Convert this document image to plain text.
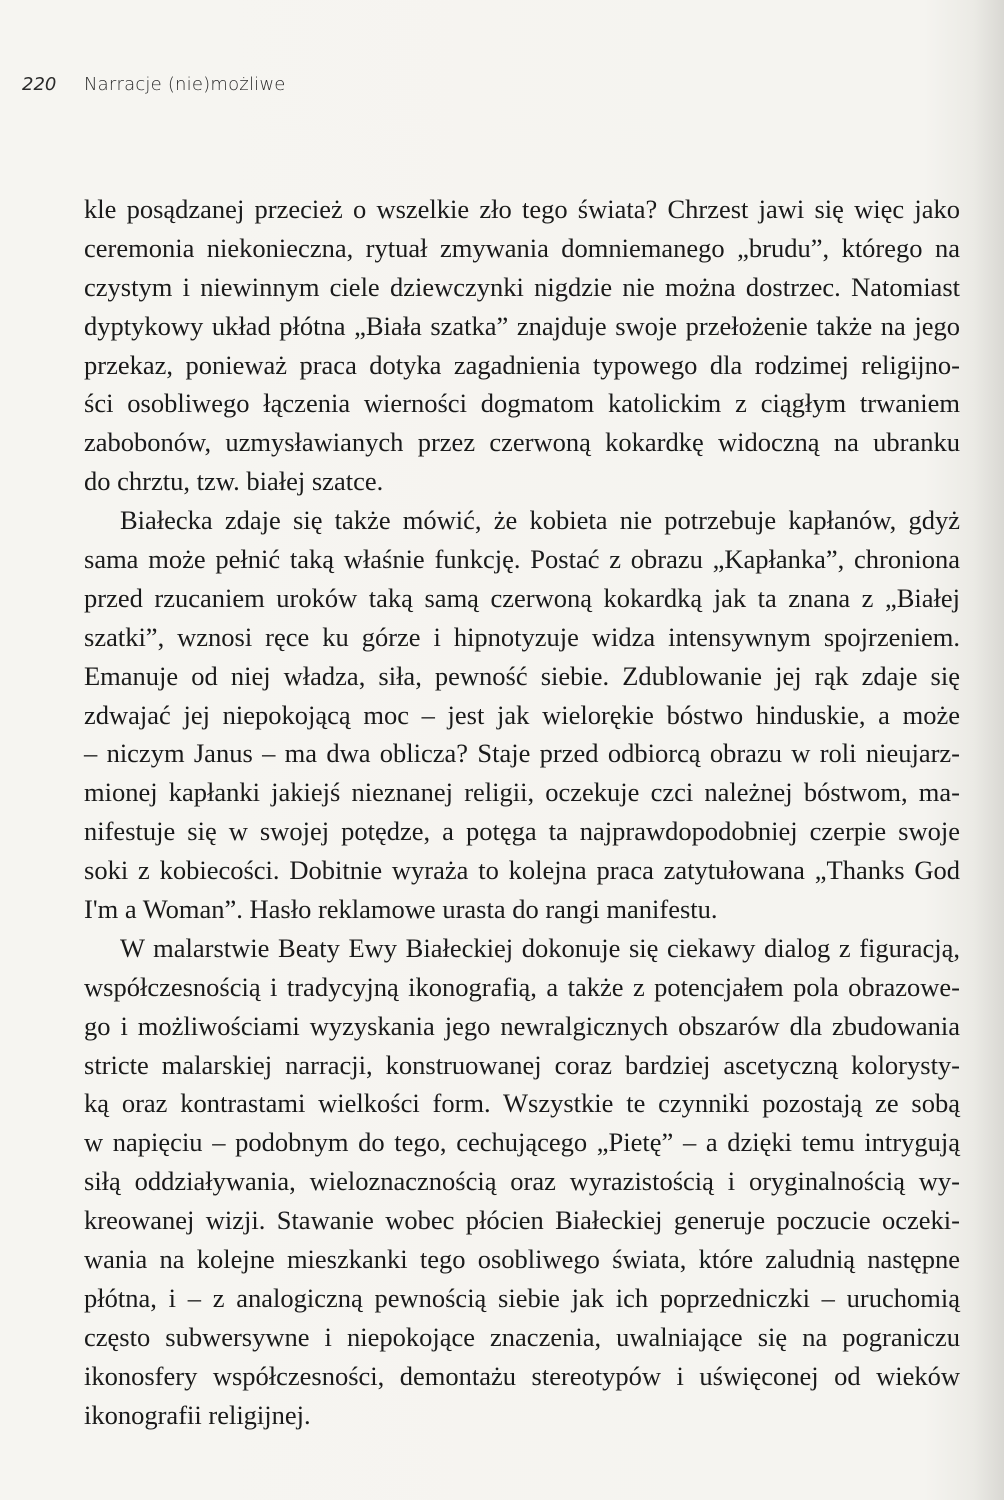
220 Narracje (nie)możliwe
kle posądzanej przecież o wszelkie zło tego świata? Chrzest jawi się więc jako
ceremonia niekonieczna, rytuał zmywania domniemanego „brudu”, którego na
czystym i niewinnym ciele dziewczynki nigdzie nie można dostrzec. Natomiast
dyptykowy układ płótna „Biała szatka” znajduje swoje przełożenie także na jego
przekaz, ponieważ praca dotyka zagadnienia typowego dla rodzimej religijno-
ści osobliwego łączenia wierności dogmatom katolickim z ciągłym trwaniem
zabobonów, uzmysławianych przez czerwoną kokardkę widoczną na ubranku
do chrztu, tzw. białej szatce.
Białecka zdaje się także mówić, że kobieta nie potrzebuje kapłanów, gdyż
sama może pełnić taką właśnie funkcję. Postać z obrazu „Kapłanka”, chroniona
przed rzucaniem uroków taką samą czerwoną kokardką jak ta znana z „Białej
szatki”, wznosi ręce ku górze i hipnotyzuje widza intensywnym spojrzeniem.
Emanuje od niej władza, siła, pewność siebie. Zdublowanie jej rąk zdaje się
zdwajać jej niepokojącą moc – jest jak wielorękie bóstwo hinduskie, a może
– niczym Janus – ma dwa oblicza? Staje przed odbiorcą obrazu w roli nieujarz-
mionej kapłanki jakiejś nieznanej religii, oczekuje czci należnej bóstwom, ma-
nifestuje się w swojej potędze, a potęga ta najprawdopodobniej czerpie swoje
soki z kobiecości. Dobitnie wyraża to kolejna praca zatytułowana „Thanks God
I'm a Woman”. Hasło reklamowe urasta do rangi manifestu.
W malarstwie Beaty Ewy Białeckiej dokonuje się ciekawy dialog z figuracją,
współczesnością i tradycyjną ikonografią, a także z potencjałem pola obrazowe-
go i możliwościami wyzyskania jego newralgicznych obszarów dla zbudowania
stricte malarskiej narracji, konstruowanej coraz bardziej ascetyczną kolorysty-
ką oraz kontrastami wielkości form. Wszystkie te czynniki pozostają ze sobą
w napięciu – podobnym do tego, cechującego „Pietę” – a dzięki temu intrygują
siłą oddziaływania, wieloznacznością oraz wyrazistością i oryginalnością wy-
kreowanej wizji. Stawanie wobec płócien Białeckiej generuje poczucie oczeki-
wania na kolejne mieszkanki tego osobliwego świata, które zaludnią następne
płótna, i – z analogiczną pewnością siebie jak ich poprzedniczki – uruchomią
często subwersywne i niepokojące znaczenia, uwalniające się na pograniczu
ikonosfery współczesności, demontażu stereotypów i uświęconej od wieków
ikonografii religijnej.
